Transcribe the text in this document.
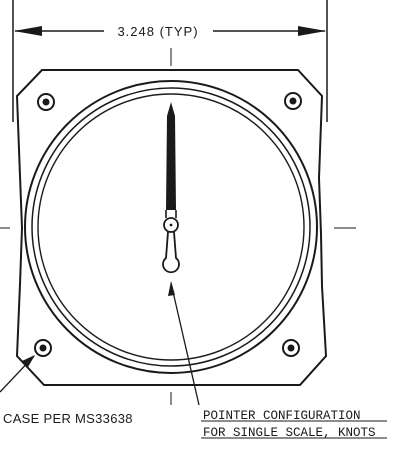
3.248 (TYP)
CASE PER MS33638	POINTER CONFIGURATION
FOR SINGLE SCALE, KNOTS
